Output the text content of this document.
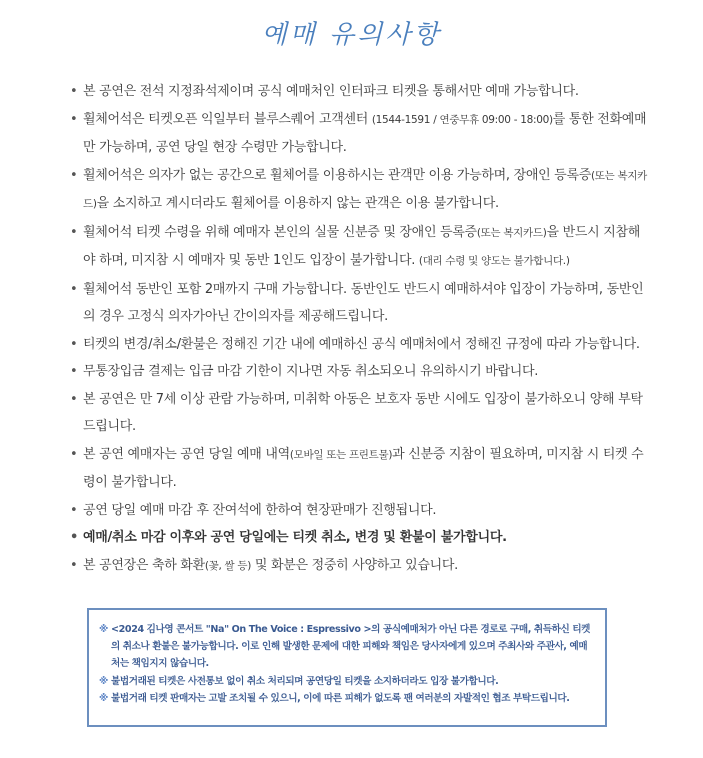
예매 유의사항
• 본 공연은 전석 지정좌석제이며 공식 예매처인 인터파크 티켓을 통해서만 예매 가능합니다.
• 휠체어석은 티켓오픈 익일부터 블루스퀘어 고객센터 (1544-1591 / 연중무휴 09:00 - 18:00)를 통한 전화예매만 가능하며, 공연 당일 현장 수령만 가능합니다.
• 휠체어석은 의자가 없는 공간으로 휠체어를 이용하시는 관객만 이용 가능하며, 장애인 등록증(또는 복지카드)을 소지하고 계시더라도 휠체어를 이용하지 않는 관객은 이용 불가합니다.
• 휠체어석 티켓 수령을 위해 예매자 본인의 실물 신분증 및 장애인 등록증(또는 복지카드)을 반드시 지참해야 하며, 미지참 시 예매자 및 동반 1인도 입장이 불가합니다. (대리 수령 및 양도는 불가합니다.)
• 휠체어석 동반인 포함 2매까지 구매 가능합니다. 동반인도 반드시 예매하셔야 입장이 가능하며, 동반인의 경우 고정식 의자가아닌 간이의자를 제공해드립니다.
• 티켓의 변경/취소/환불은 정해진 기간 내에 예매하신 공식 예매처에서 정해진 규정에 따라 가능합니다.
• 무통장입금 결제는 입금 마감 기한이 지나면 자동 취소되오니 유의하시기 바랍니다.
• 본 공연은 만 7세 이상 관람 가능하며, 미취학 아동은 보호자 동반 시에도 입장이 불가하오니 양해 부탁드립니다.
• 본 공연 예매자는 공연 당일 예매 내역(모바일 또는 프린트물)과 신분증 지참이 필요하며, 미지참 시 티켓 수령이 불가합니다.
• 공연 당일 예매 마감 후 잔여석에 한하여 현장판매가 진행됩니다.
• 예매/취소 마감 이후와 공연 당일에는 티켓 취소, 변경 및 환불이 불가합니다.
• 본 공연장은 축하 화환(꽃, 쌀 등) 및 화분은 정중히 사양하고 있습니다.
※ <2024 김나영 콘서트 "Na" On The Voice : Espressivo >의 공식예매처가 아닌 다른 경로로 구매, 취득하신 티켓의 취소나 환불은 불가능합니다. 이로 인해 발생한 문제에 대한 피해와 책임은 당사자에게 있으며 주최사와 주관사, 예매처는 책임지지 않습니다.
※ 불법거래된 티켓은 사전통보 없이 취소 처리되며 공연당일 티켓을 소지하더라도 입장 불가합니다.
※ 불법거래 티켓 판매자는 고발 조치될 수 있으니, 이에 따른 피해가 없도록 팬 여러분의 자발적인 협조 부탁드립니다.
